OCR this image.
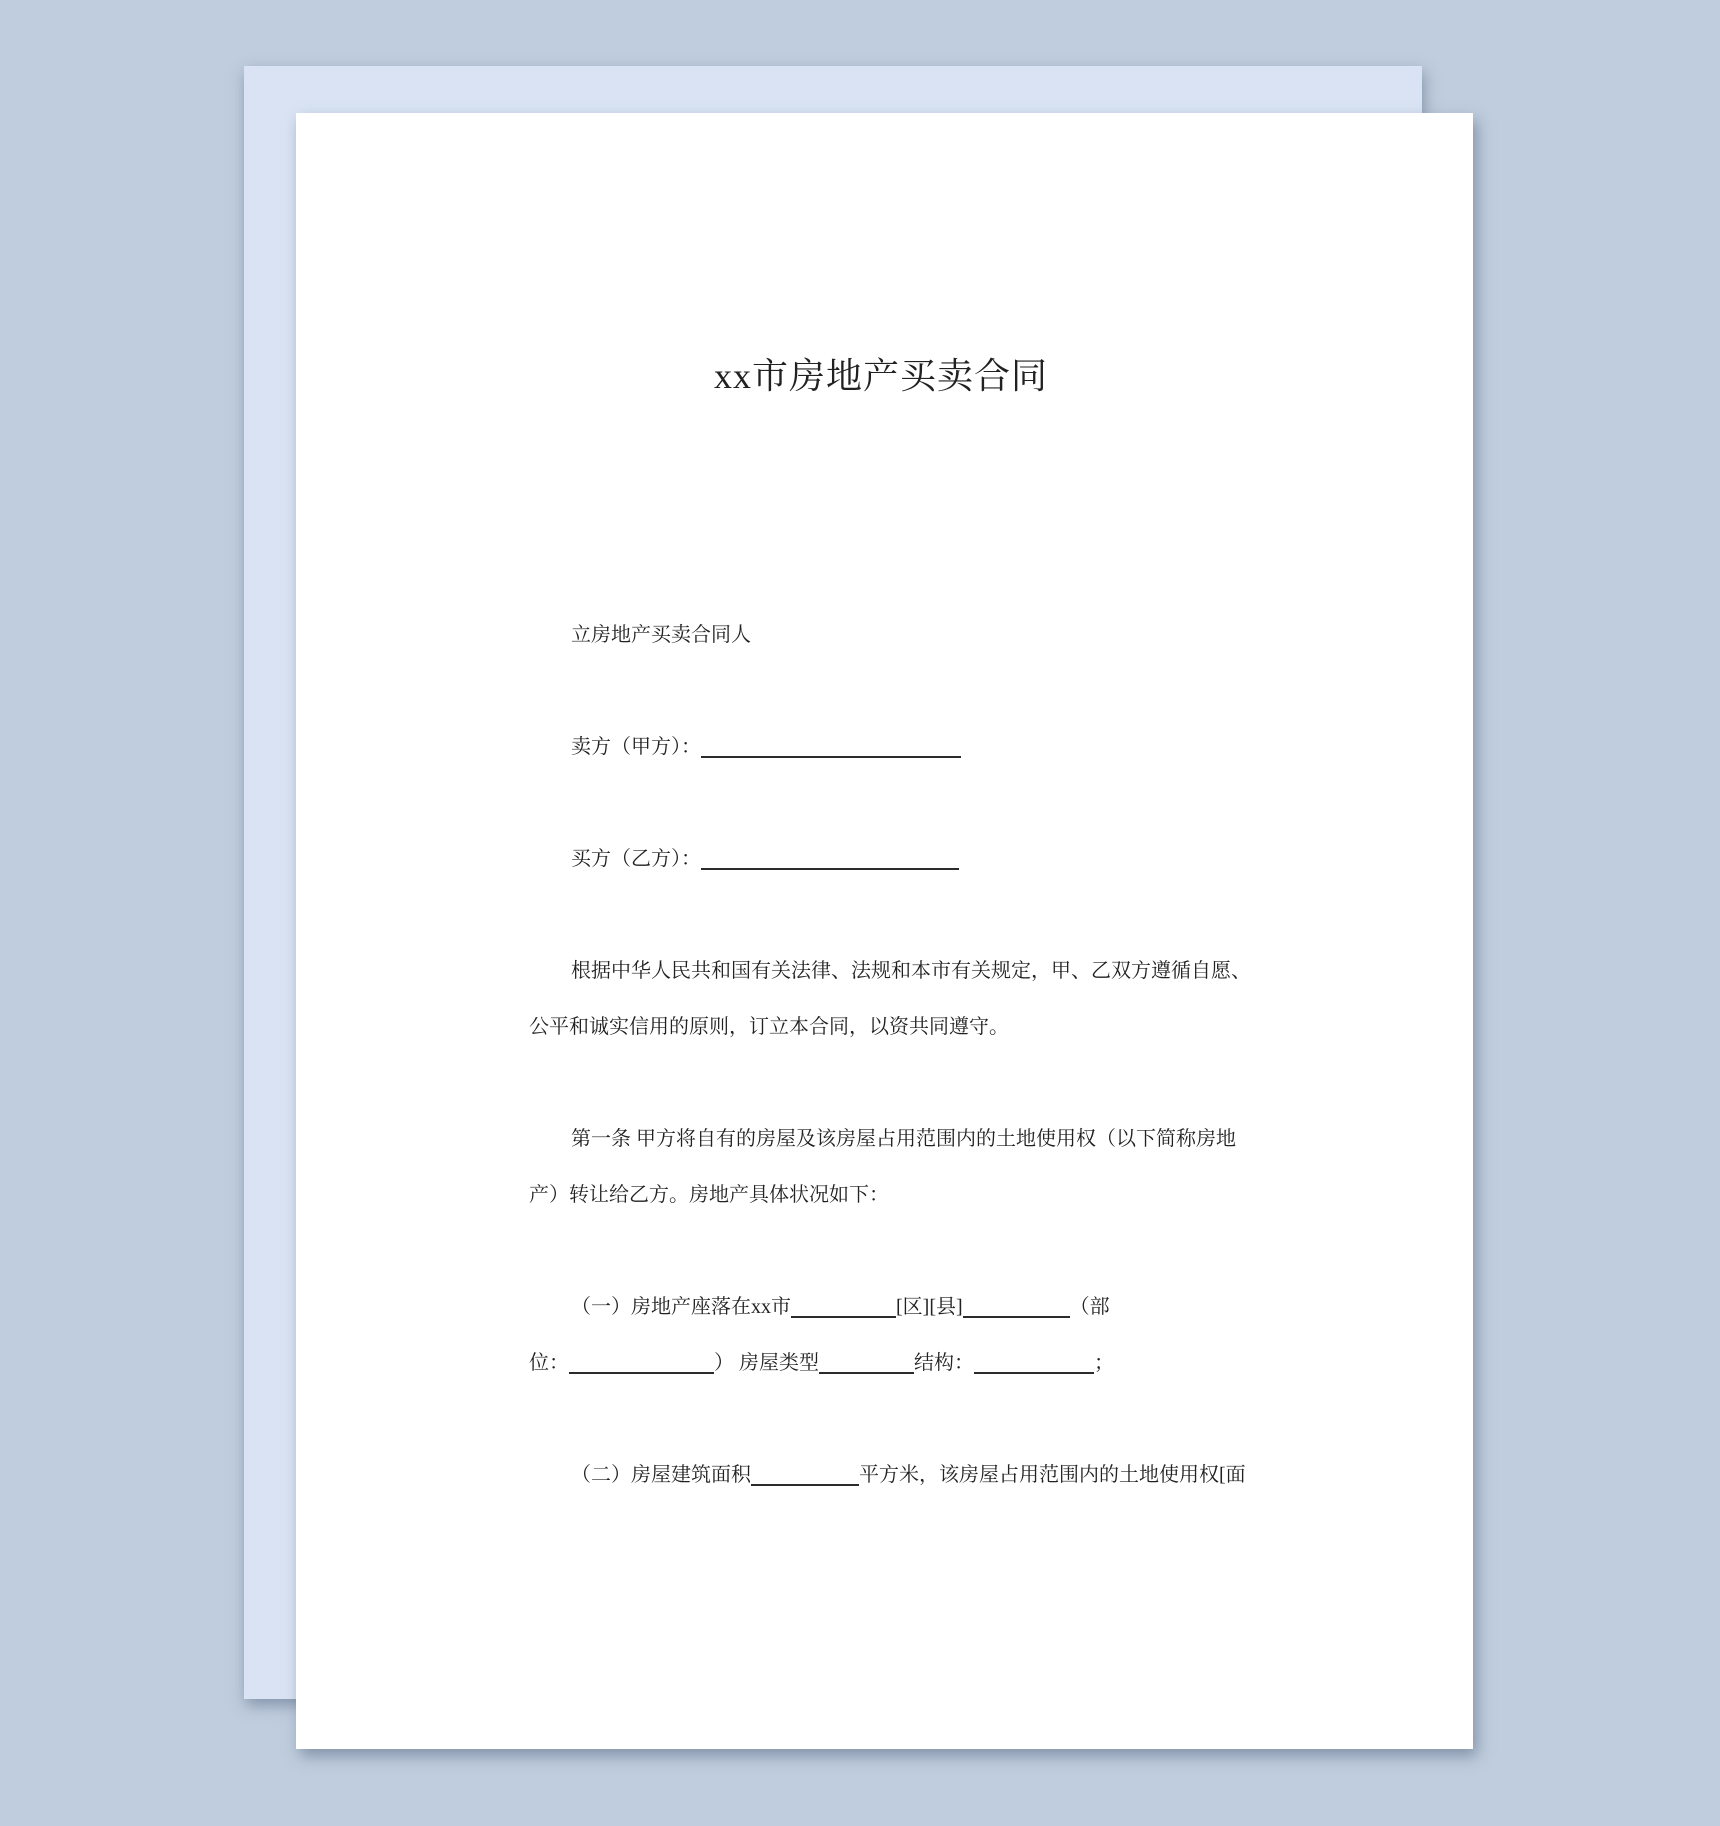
xx市房地产买卖合同
立房地产买卖合同人
卖方（甲方）：
买方（乙方）：
根据中华人民共和国有关法律、法规和本市有关规定，甲、乙双方遵循自愿、
公平和诚实信用的原则，订立本合同，以资共同遵守。
第一条 甲方将自有的房屋及该房屋占用范围内的土地使用权（以下简称房地
产）转让给乙方。房地产具体状况如下：
（一）房地产座落在xx市	[区][县]	（部
位：	） 房屋类型	结构：	；
（二）房屋建筑面积	平方米，该房屋占用范围内的土地使用权[面
